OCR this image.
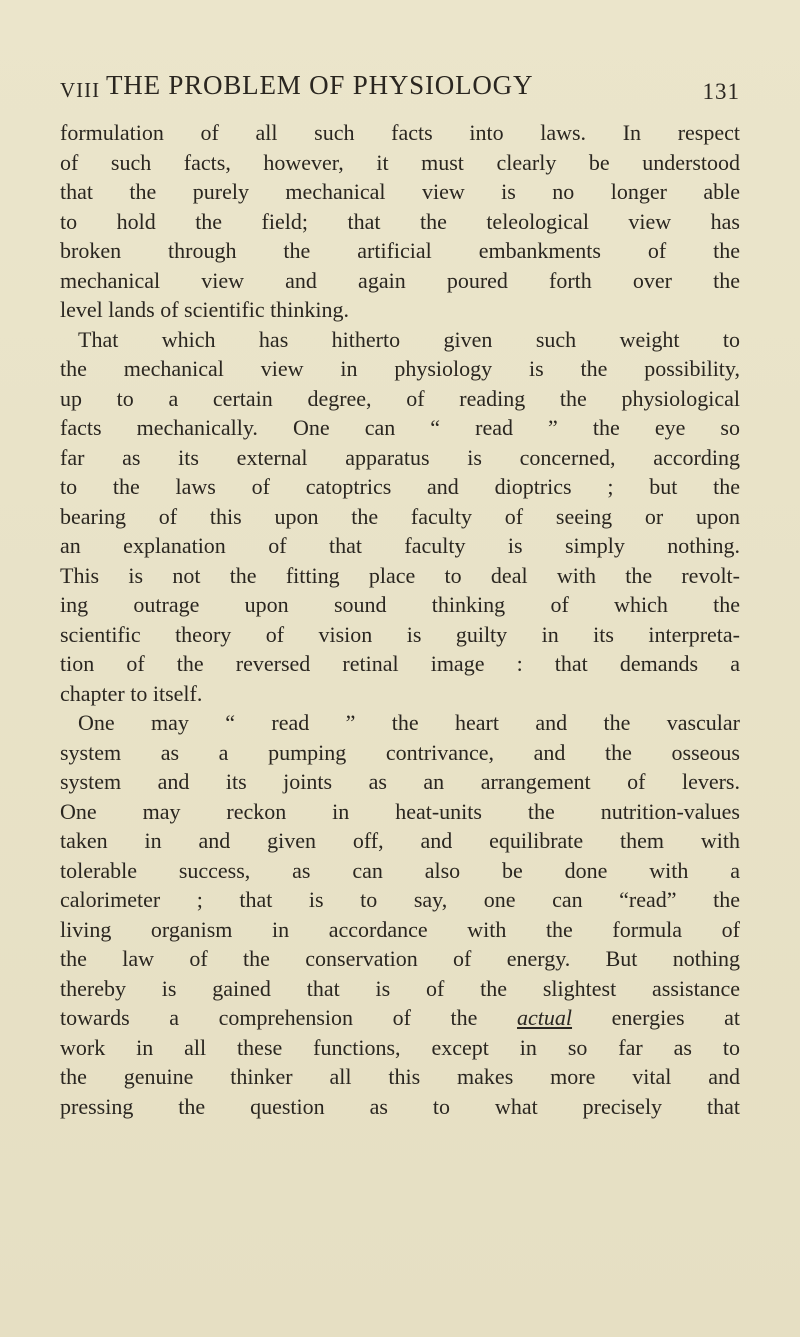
VIII THE PROBLEM OF PHYSIOLOGY	131
formulation of all such facts into laws. In respect
of such facts, however, it must clearly be understood
that the purely mechanical view is no longer able
to hold the field; that the teleological view has
broken through the artificial embankments of the
mechanical view and again poured forth over the
level lands of scientific thinking.
That which has hitherto given such weight to
the mechanical view in physiology is the possibility,
up to a certain degree, of reading the physiological
facts mechanically. One can “ read ” the eye so
far as its external apparatus is concerned, according
to the laws of catoptrics and dioptrics ; but the
bearing of this upon the faculty of seeing or upon
an explanation of that faculty is simply nothing.
This is not the fitting place to deal with the revolt-
ing outrage upon sound thinking of which the
scientific theory of vision is guilty in its interpreta-
tion of the reversed retinal image : that demands a
chapter to itself.
One may “ read ” the heart and the vascular
system as a pumping contrivance, and the osseous
system and its joints as an arrangement of levers.
One may reckon in heat-units the nutrition-values
taken in and given off, and equilibrate them with
tolerable success, as can also be done with a
calorimeter ; that is to say, one can “read” the
living organism in accordance with the formula of
the law of the conservation of energy. But nothing
thereby is gained that is of the slightest assistance
towards a comprehension of the actual energies at
work in all these functions, except in so far as to
the genuine thinker all this makes more vital and
pressing the question as to what precisely that
